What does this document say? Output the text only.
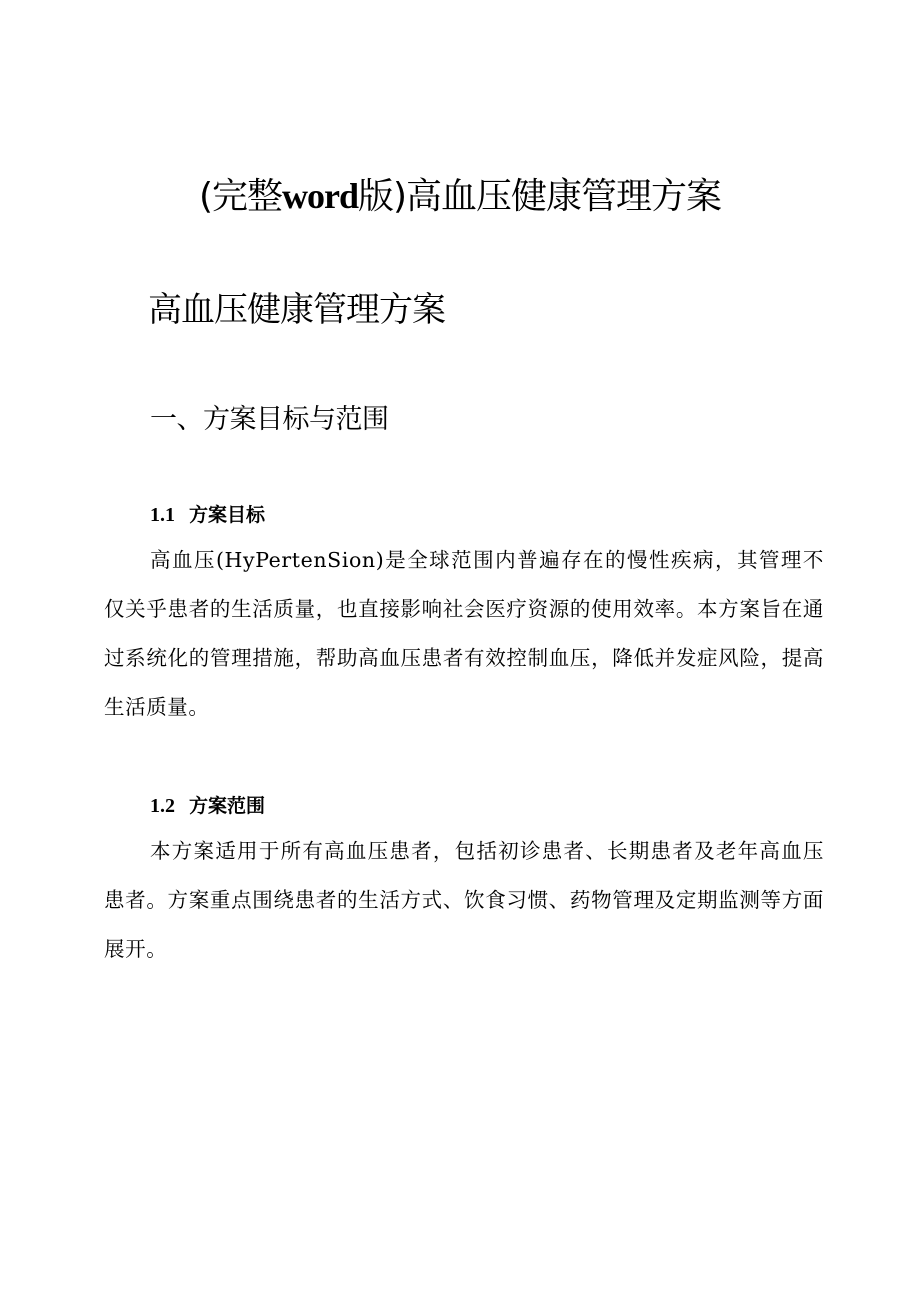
(完整word版)高血压健康管理方案
高血压健康管理方案
一、方案目标与范围
1.1 方案目标

高血压(HyPertenSion)是全球范围内普遍存在的慢性疾病，其管理不仅关乎患者的生活质量，也直接影响社会医疗资源的使用效率。本方案旨在通过系统化的管理措施，帮助高血压患者有效控制血压，降低并发症风险，提高生活质量。

1.2 方案范围

本方案适用于所有高血压患者，包括初诊患者、长期患者及老年高血压患者。方案重点围绕患者的生活方式、饮食习惯、药物管理及定期监测等方面展开。
